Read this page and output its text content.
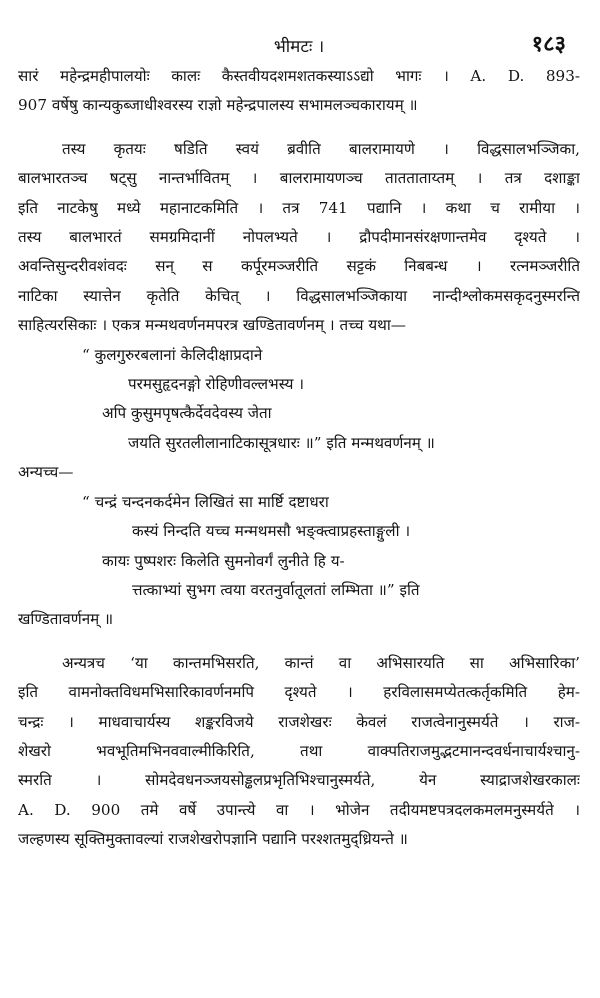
भीमटः ।	१८३
सारं महेन्द्रमहीपालयोः कालः कैस्तवीयदशमशतकस्याऽऽद्यो भागः । A. D. 893-
907 वर्षेषु कान्यकुब्जाधीश्वरस्य राज्ञो महेन्द्रपालस्य सभामलञ्चकारायम् ॥
तस्य कृतयः षडिति स्वयं ब्रवीति बालरामायणे । विद्धसालभञ्जिका,
बालभारतञ्च षट्सु नान्तर्भावितम् । बालरामायणञ्च तातताताय्तम् । तत्र दशाङ्का
इति नाटकेषु मध्ये महानाटकमिति । तत्र 741 पद्यानि । कथा च रामीया ।
तस्य बालभारतं समग्रमिदानीं नोपलभ्यते । द्रौपदीमानसंरक्षणान्तमेव दृश्यते ।
अवन्तिसुन्दरीवशंवदः सन् स कर्पूरमञ्जरीति सट्टकं निबबन्ध । रत्नमञ्जरीति
नाटिका स्यात्तेन कृतेति केचित् । विद्धसालभञ्जिकाया नान्दीश्लोकमसकृदनुस्मरन्ति
साहित्यरसिकाः । एकत्र मन्मथवर्णनमपरत्र खण्डितावर्णनम् । तच्च यथा—
“ कुलगुरुरबलानां केलिदीक्षाप्रदाने
परमसुहृदनङ्गो रोहिणीवल्लभस्य ।
अपि कुसुमपृषत्कैर्देवदेवस्य जेता
जयति सुरतलीलानाटिकासूत्रधारः ॥” इति मन्मथवर्णनम् ॥
अन्यच्च—
“ चन्द्रं चन्दनकर्दमेन लिखितं सा मार्ष्टि दष्टाधरा
कस्यं निन्दति यच्च मन्मथमसौ भङ्क्त्वाप्रहस्ताङ्गुली ।
कायः पुष्पशरः किलेति सुमनोवर्गं लुनीते हि य-
त्तत्काभ्यां सुभग त्वया वरतनुर्वातूलतां लम्भिता ॥” इति
खण्डितावर्णनम् ॥
अन्यत्रच ‘या कान्तमभिसरति, कान्तं वा अभिसारयति सा अभिसारिका’
इति वामनोक्तविधमभिसारिकावर्णनमपि दृश्यते । हरविलासमप्येतत्कर्तृकमिति हेम-
चन्द्रः । माधवाचार्यस्य शङ्करविजये राजशेखरः केवलं राजत्वेनानुस्मर्यते । राज-
शेखरो भवभूतिमभिनववाल्मीकिरिति, तथा वाक्पतिराजमुद्भटमानन्दवर्धनाचार्यश्चानु-
स्मरति । सोमदेवधनञ्जयसोड्ढलप्रभृतिभिश्चानुस्मर्यते, येन स्याद्राजशेखरकालः
A. D. 900 तमे वर्षे उपान्त्ये वा । भोजेन तदीयमष्टपत्रदलकमलमनुस्मर्यते ।
जल्हणस्य सूक्तिमुक्तावल्यां राजशेखरोपज्ञानि पद्यानि परश्शतमुद्ध्रियन्ते ॥
